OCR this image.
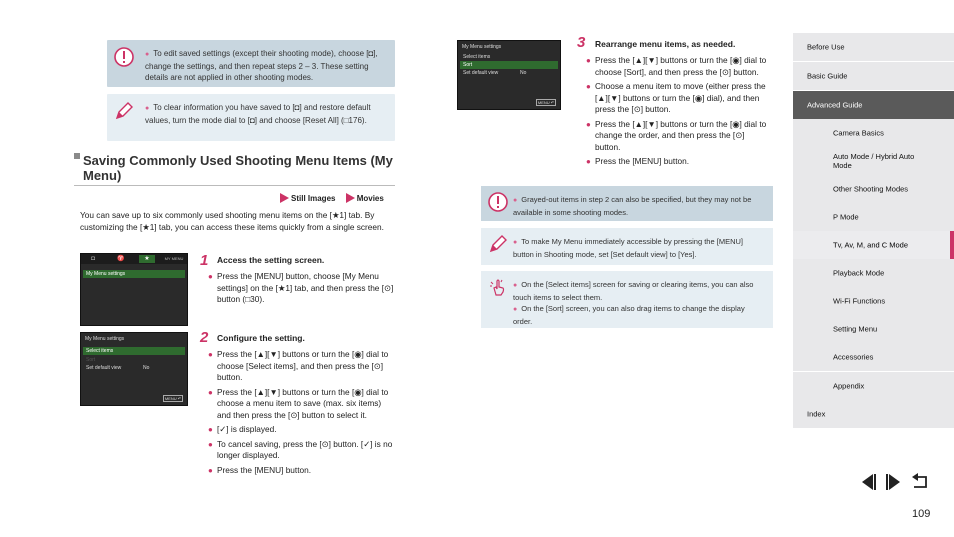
● To edit saved settings (except their shooting mode), choose [◘], change the settings, and then repeat steps 2 – 3. These setting details are not applied in other shooting modes.
● To clear information you have saved to [◘] and restore default values, turn the mode dial to [◘] and choose [Reset All] (□176).
Saving Commonly Used Shooting Menu Items (My Menu)
Still Images	Movies
You can save up to six commonly used shooting menu items on the [★1] tab. By customizing the [★1] tab, you can access these items quickly from a single screen.
◘	♈	★	MY MENU
My Menu settings
My Menu settings
Select items
Sort
Set default view	No
MENU ↶
My Menu settings
Select items
Sort
Set default view	No
MENU ↶
1 Access the setting screen.
● Press the [MENU] button, choose [My Menu settings] on the [★1] tab, and then press the [⊙] button (□30).
2 Configure the setting.
● Press the [▲][▼] buttons or turn the [◉] dial to choose [Select items], and then press the [⊙] button.
● Press the [▲][▼] buttons or turn the [◉] dial to choose a menu item to save (max. six items) and then press the [⊙] button to select it.
● [✓] is displayed.
● To cancel saving, press the [⊙] button. [✓] is no longer displayed.
● Press the [MENU] button.
3 Rearrange menu items, as needed.
● Press the [▲][▼] buttons or turn the [◉] dial to choose [Sort], and then press the [⊙] button.
● Choose a menu item to move (either press the [▲][▼] buttons or turn the [◉] dial), and then press the [⊙] button.
● Press the [▲][▼] buttons or turn the [◉] dial to change the order, and then press the [⊙] button.
● Press the [MENU] button.
● Grayed-out items in step 2 can also be specified, but they may not be available in some shooting modes.
● To make My Menu immediately accessible by pressing the [MENU] button in Shooting mode, set [Set default view] to [Yes].
● On the [Select items] screen for saving or clearing items, you can also touch items to select them.
● On the [Sort] screen, you can also drag items to change the display order.
Before Use
Basic Guide
Advanced Guide
Camera Basics
Auto Mode / Hybrid Auto Mode
Other Shooting Modes
P Mode
Tv, Av, M, and C Mode
Playback Mode
Wi-Fi Functions
Setting Menu
Accessories
Appendix
Index
109
